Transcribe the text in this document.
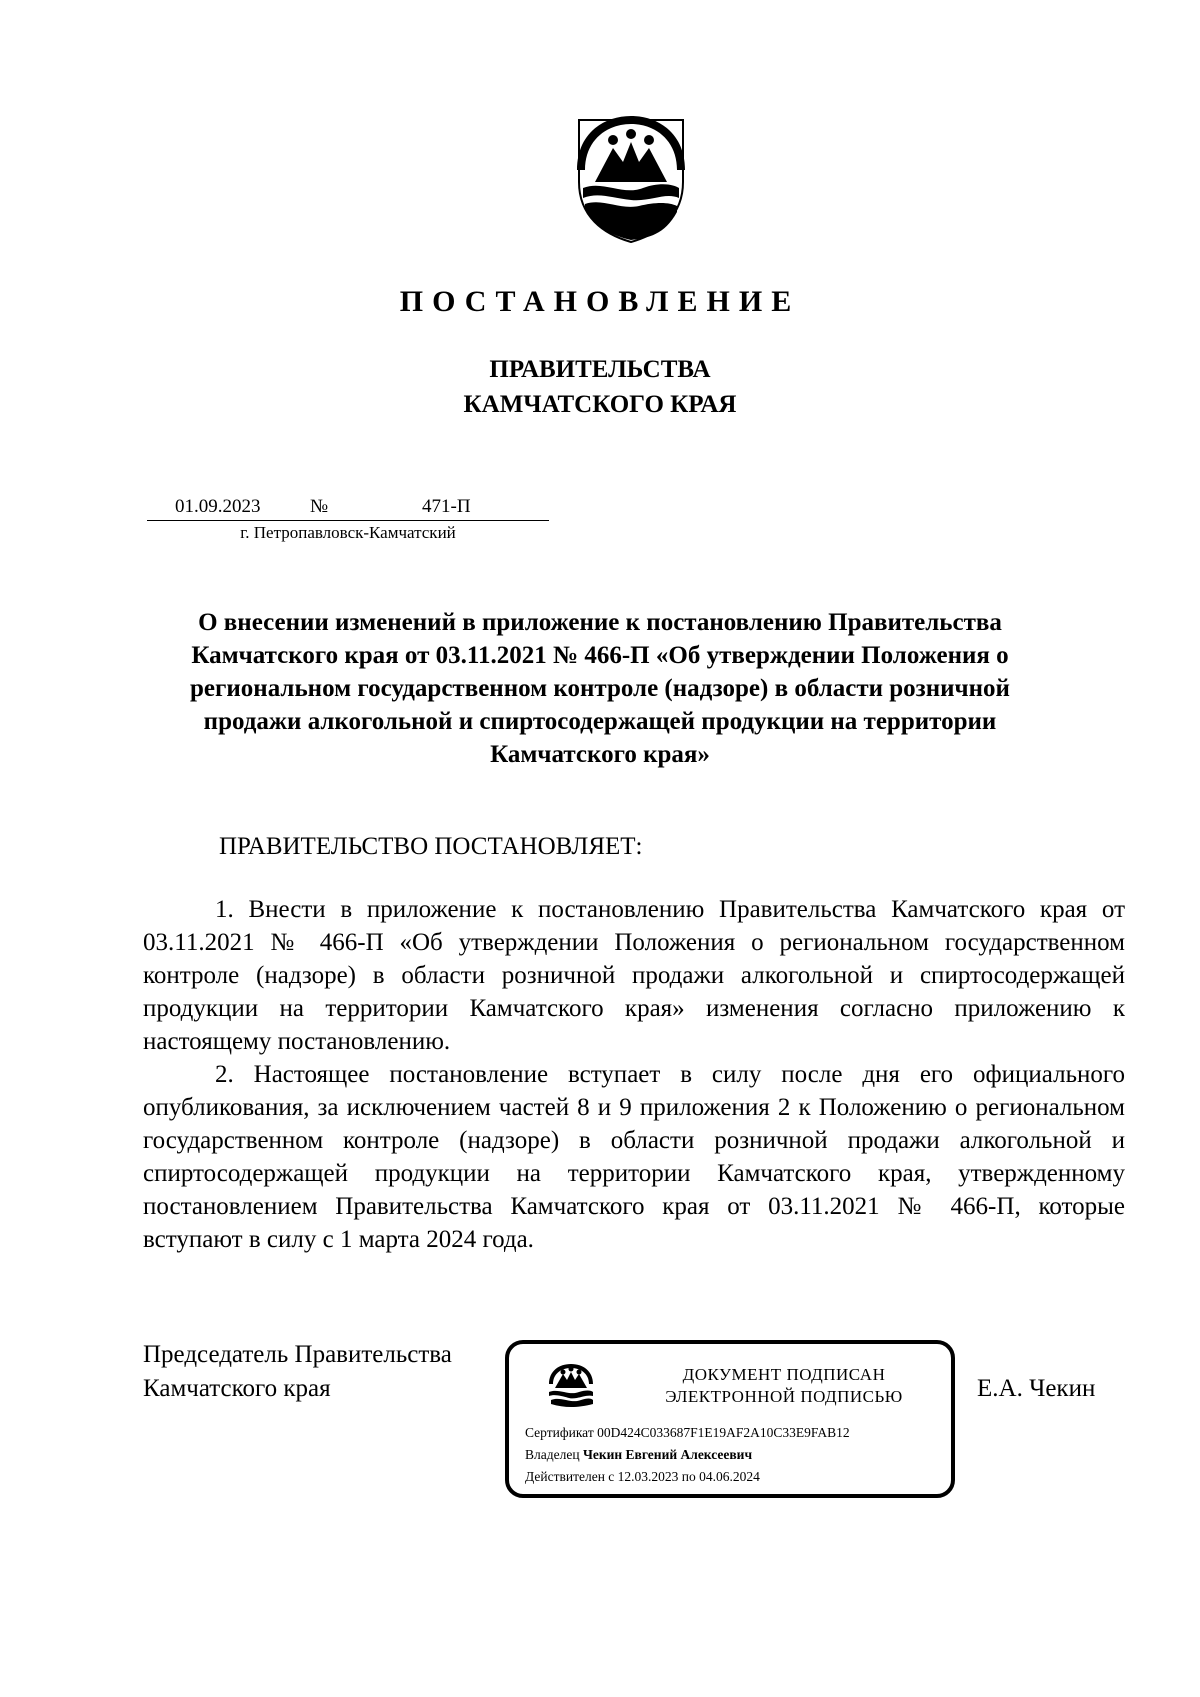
ПОСТАНОВЛЕНИЕ
ПРАВИТЕЛЬСТВА
КАМЧАТСКОГО КРАЯ
01.09.2023	№	471-П
г. Петропавловск-Камчатский
О внесении изменений в приложение к постановлению Правительства
Камчатского края от 03.11.2021 № 466-П «Об утверждении Положения о
региональном государственном контроле (надзоре) в области розничной
продажи алкогольной и спиртосодержащей продукции на территории
Камчатского края»
ПРАВИТЕЛЬСТВО ПОСТАНОВЛЯЕТ:

1. Внести в приложение к постановлению Правительства Камчатского края от 03.11.2021 № 466-П «Об утверждении Положения о региональном государственном контроле (надзоре) в области розничной продажи алкогольной и спиртосодержащей продукции на территории Камчатского края» изменения согласно приложению к настоящему постановлению.

2. Настоящее постановление вступает в силу после дня его официального опубликования, за исключением частей 8 и 9 приложения 2 к Положению о региональном государственном контроле (надзоре) в области розничной продажи алкогольной и спиртосодержащей продукции на территории Камчатского края, утвержденному постановлением Правительства Камчатского края от 03.11.2021 № 466-П, которые вступают в силу с 1 марта 2024 года.

Председатель Правительства
Камчатского края
ДОКУМЕНТ ПОДПИСАН
ЭЛЕКТРОННОЙ ПОДПИСЬЮ
Сертификат 00D424C033687F1E19AF2A10C33E9FAB12
Владелец Чекин Евгений Алексеевич
Действителен с 12.03.2023 по 04.06.2024
Е.А. Чекин
